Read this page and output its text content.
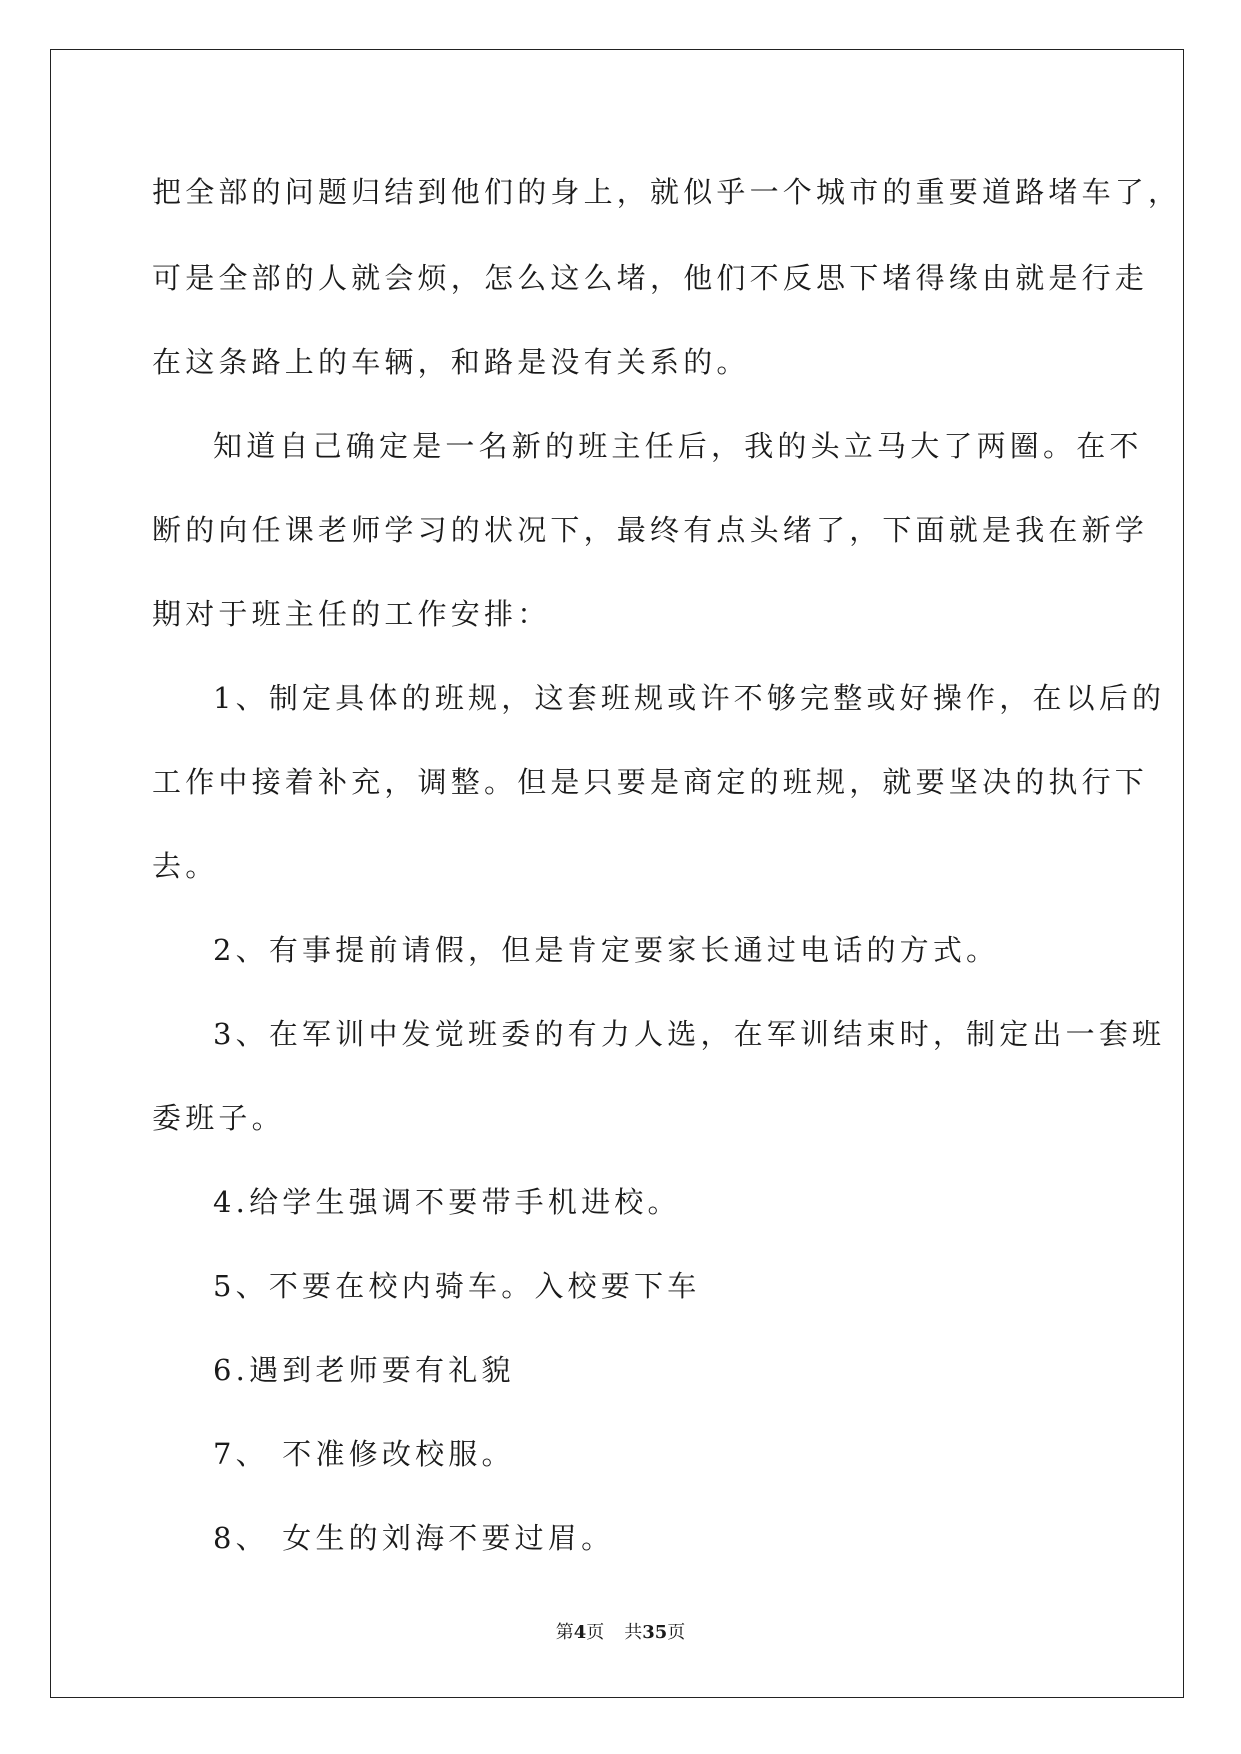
把全部的问题归结到他们的身上，就似乎一个城市的重要道路堵车了，
可是全部的人就会烦，怎么这么堵，他们不反思下堵得缘由就是行走
在这条路上的车辆，和路是没有关系的。
知道自己确定是一名新的班主任后，我的头立马大了两圈。在不
断的向任课老师学习的状况下，最终有点头绪了，下面就是我在新学
期对于班主任的工作安排：
1、制定具体的班规，这套班规或许不够完整或好操作，在以后的
工作中接着补充，调整。但是只要是商定的班规，就要坚决的执行下
去。
2、有事提前请假，但是肯定要家长通过电话的方式。
3、在军训中发觉班委的有力人选，在军训结束时，制定出一套班
委班子。
4.给学生强调不要带手机进校。
5、不要在校内骑车。入校要下车
6.遇到老师要有礼貌
7、 不准修改校服。
8、 女生的刘海不要过眉。
第4页 共35页
